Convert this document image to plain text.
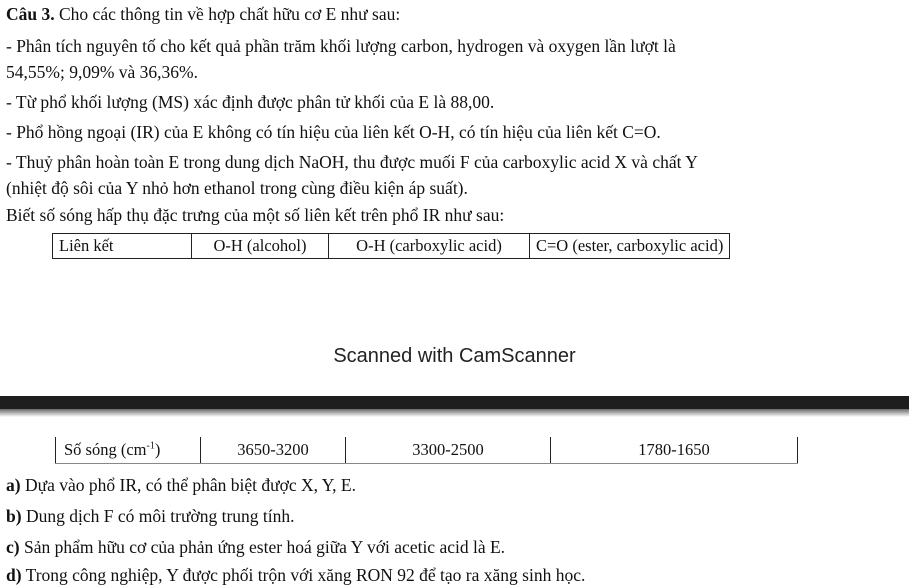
Câu 3. Cho các thông tin về hợp chất hữu cơ E như sau:
- Phân tích nguyên tố cho kết quả phần trăm khối lượng carbon, hydrogen và oxygen lần lượt là
54,55%; 9,09% và 36,36%.
- Từ phổ khối lượng (MS) xác định được phân tử khối của E là 88,00.
- Phổ hồng ngoại (IR) của E không có tín hiệu của liên kết O-H, có tín hiệu của liên kết C=O.
- Thuỷ phân hoàn toàn E trong dung dịch NaOH, thu được muối F của carboxylic acid X và chất Y
(nhiệt độ sôi của Y nhỏ hơn ethanol trong cùng điều kiện áp suất).
Biết số sóng hấp thụ đặc trưng của một số liên kết trên phổ IR như sau:
Liên kết	O-H (alcohol)	O-H (carboxylic acid)	C=O (ester, carboxylic acid)
Scanned with CamScanner
Số sóng $(cm^{-1})$	3650-3200	3300-2500	1780-1650
a) Dựa vào phổ IR, có thể phân biệt được X, Y, E.
b) Dung dịch F có môi trường trung tính.
c) Sản phẩm hữu cơ của phản ứng ester hoá giữa Y với acetic acid là E.
d) Trong công nghiệp, Y được phối trộn với xăng RON 92 để tạo ra xăng sinh học.
